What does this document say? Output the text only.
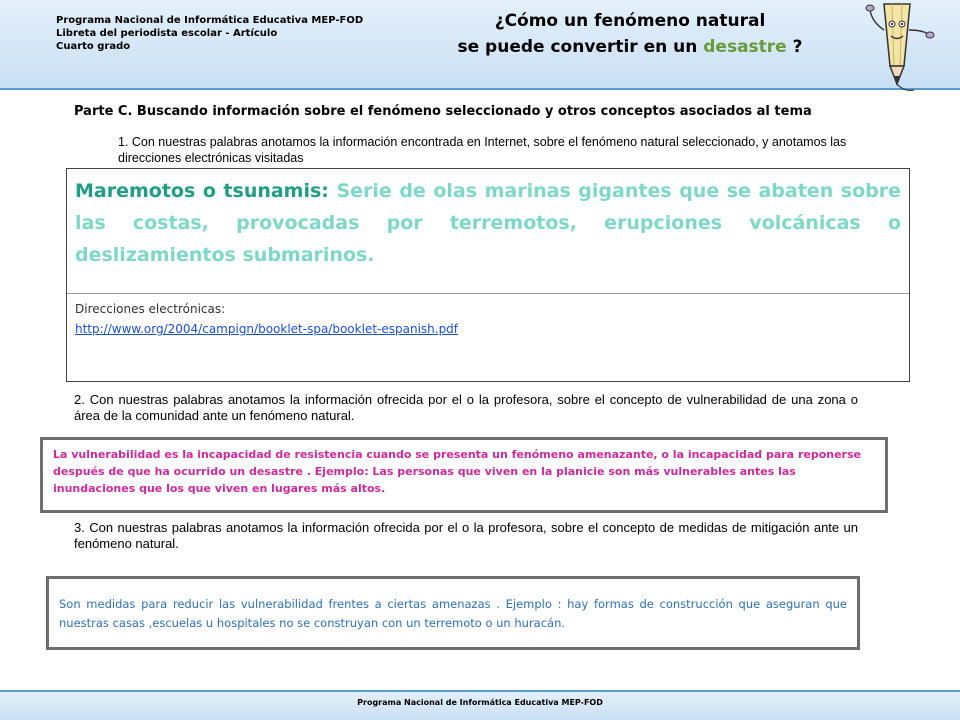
Programa Nacional de Informática Educativa MEP-FOD
Libreta del periodista escolar - Artículo
Cuarto grado
¿Cómo un fenómeno natural
se puede convertir en un desastre ?
Parte C. Buscando información sobre el fenómeno seleccionado y otros conceptos asociados al tema
1. Con nuestras palabras anotamos la información encontrada en Internet, sobre el fenómeno natural seleccionado, y anotamos las direcciones electrónicas visitadas
Maremotos o tsunamis: Serie de olas marinas gigantes que se abaten sobre las costas, provocadas por terremotos, erupciones volcánicas o deslizamientos submarinos.
Direcciones electrónicas:
http://www.org/2004/campign/booklet-spa/booklet-espanish.pdf
2. Con nuestras palabras anotamos la información ofrecida por el o la profesora, sobre el concepto de vulnerabilidad de una zona o área de la comunidad ante un fenómeno natural.
La vulnerabilidad es la incapacidad de resistencia cuando se presenta un fenómeno amenazante, o la incapacidad para reponerse después de que ha ocurrido un desastre . Ejemplo: Las personas que viven en la planicie son más vulnerables antes las inundaciones que los que viven en lugares más altos.
3. Con nuestras palabras anotamos la información ofrecida por el o la profesora, sobre el concepto de medidas de mitigación ante un fenómeno natural.
Son medidas para reducir las vulnerabilidad frentes a ciertas amenazas . Ejemplo : hay formas de construcción que aseguran que nuestras casas ,escuelas u hospitales no se construyan con un terremoto o un huracán.
Programa Nacional de Informática Educativa MEP-FOD
